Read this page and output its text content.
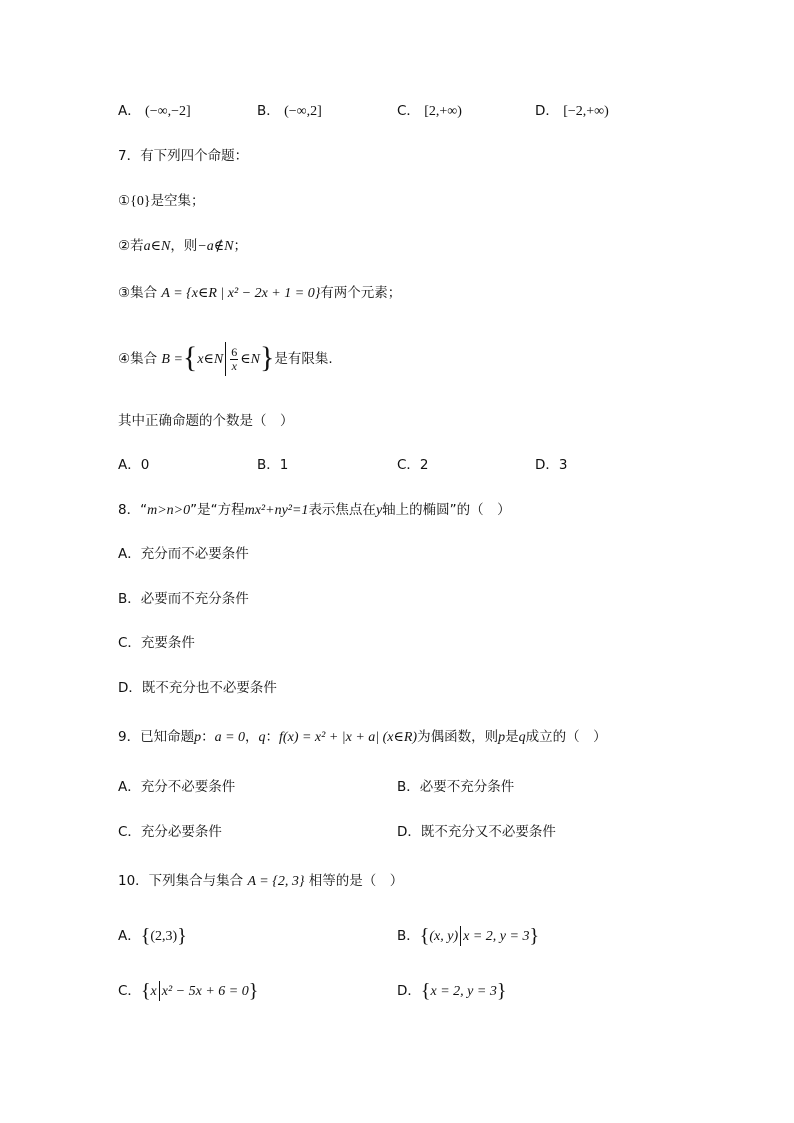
A． (−∞,−2]	B． (−∞,2]	C． [2,+∞)	D． [−2,+∞)
7．有下列四个命题：
①{0}是空集；
②若a∈N，则−a∉N；
③集合 A = {x∈R | x² − 2x + 1 = 0}有两个元素；
④集合 B ={x∈N $\frac{6}{x}$ ∈N}是有限集.
其中正确命题的个数是（　）
A．0	B．1	C．2	D．3
8．“m>n>0”是“方程mx²+ny²=1表示焦点在y轴上的椭圆”的（　）
A．充分而不必要条件
B．必要而不充分条件
C．充要条件
D．既不充分也不必要条件
9．已知命题p：a = 0，q：f(x) = x² + |x + a| (x∈R)为偶函数，则p是q成立的（　）
A．充分不必要条件	B．必要不充分条件
C．充分必要条件	D．既不充分又不必要条件
10．下列集合与集合 A = {2, 3} 相等的是（　）
A．{(2,3)}	B．{(x, y) x = 2, y = 3}
C．{x x² − 5x + 6 = 0}	D．{x = 2, y = 3}
